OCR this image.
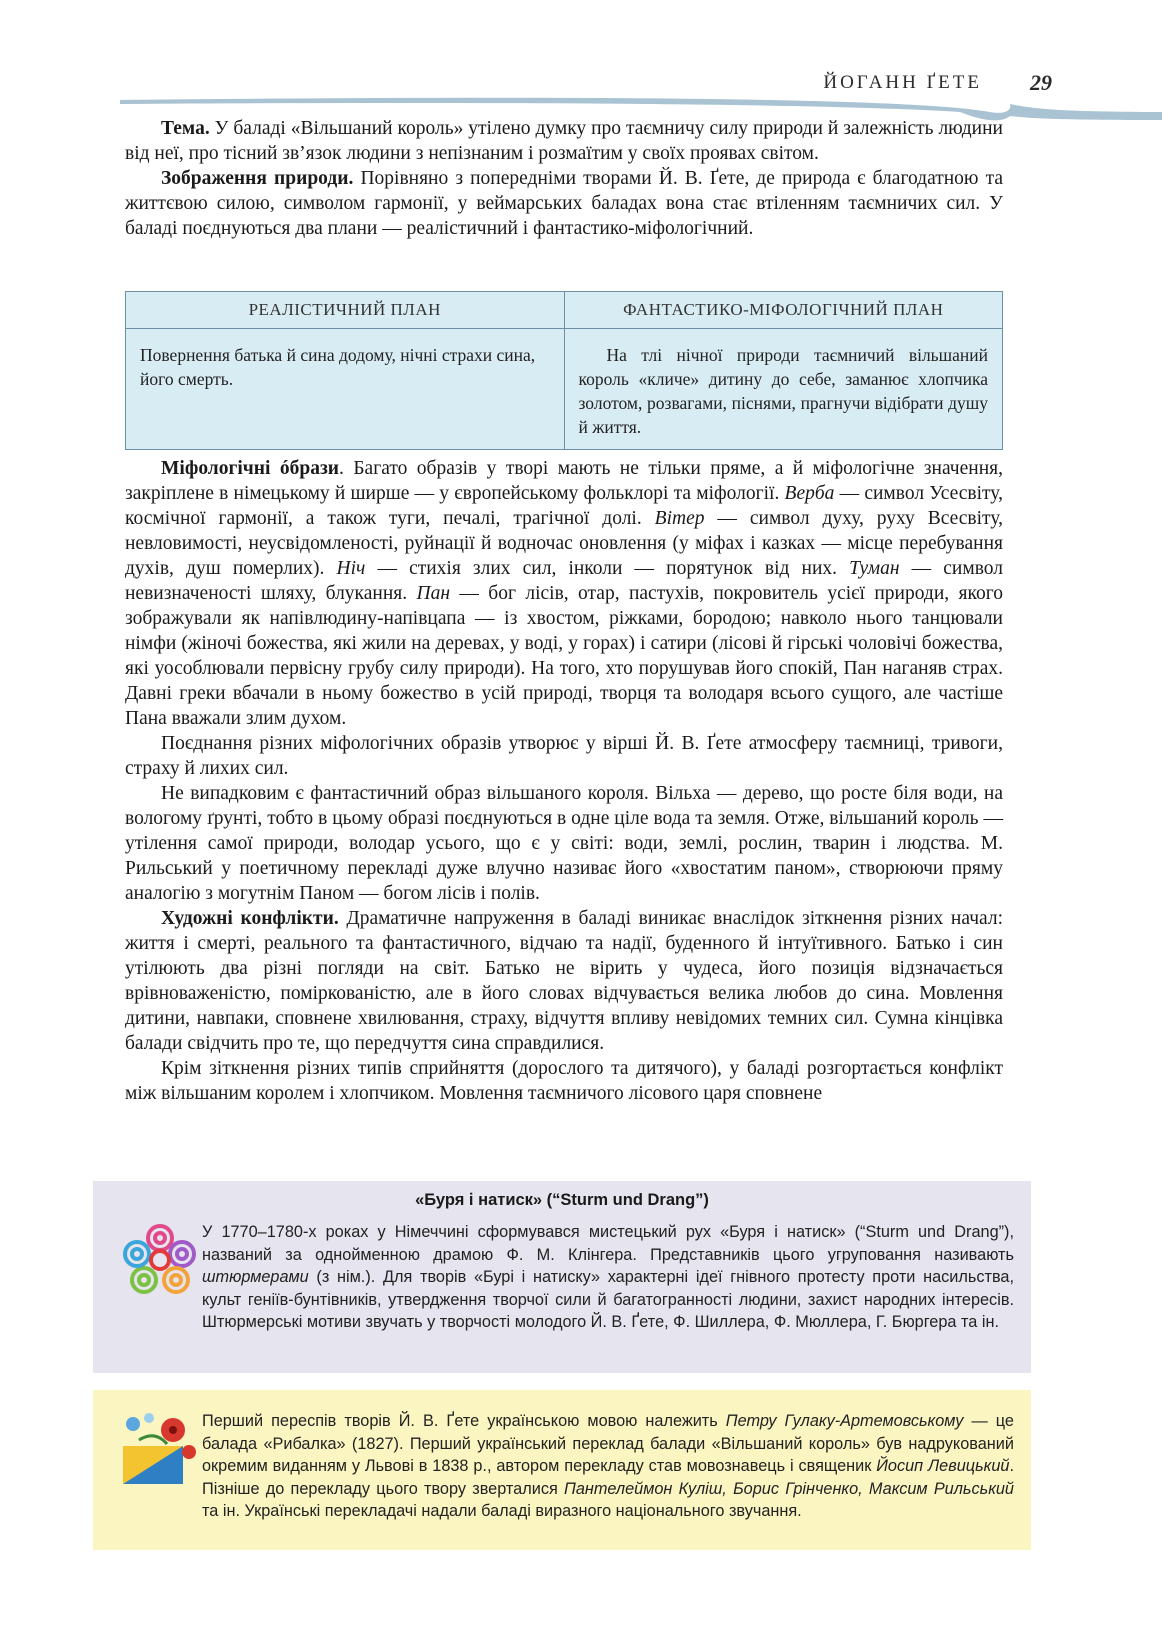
ЙОГАНН ҐЕТЕ 29

Тема. У баладі «Вільшаний король» утілено думку про таємничу силу природи й залежність людини від неї, про тісний зв’язок людини з непізнаним і розмаїтим у своїх проявах світом.

Зображення природи. Порівняно з попередніми творами Й. В. Ґете, де природа є благодатною та життєвою силою, символом гармонії, у веймарських баладах вона стає втіленням таємничих сил. У баладі поєднуються два плани — реалістичний і фантастико-міфологічний.

РЕАЛІСТИЧНИЙ ПЛАН	ФАНТАСТИКО-МІФОЛОГІЧНИЙ ПЛАН
Повернення батька й сина додому, нічні страхи сина, його смерть.	На тлі нічної природи таємничий вільшаний король «кличе» дитину до себе, заманює хлопчика золотом, розвагами, піснями, прагнучи відібрати душу й життя.

Міфологічні óбрази. Багато образів у творі мають не тільки пряме, а й міфологічне значення, закріплене в німецькому й ширше — у європейському фольклорі та міфології. Верба — символ Усесвіту, космічної гармонії, а також туги, печалі, трагічної долі. Вітер — символ духу, руху Всесвіту, невловимості, неусвідомленості, руйнації й водночас оновлення (у міфах і казках — місце перебування духів, душ померлих). Ніч — стихія злих сил, інколи — порятунок від них. Туман — символ невизначеності шляху, блукання. Пан — бог лісів, отар, пастухів, покровитель усієї природи, якого зображували як напівлюдину-напівцапа — із хвостом, ріжками, бородою; навколо нього танцювали німфи (жіночі божества, які жили на деревах, у воді, у горах) і сатири (лісові й гірські чоловічі божества, які уособлювали первісну грубу силу природи). На того, хто порушував його спокій, Пан наганяв страх. Давні греки вбачали в ньому божество в усій природі, творця та володаря всього сущого, але частіше Пана вважали злим духом.

Поєднання різних міфологічних образів утворює у вірші Й. В. Ґете атмосферу таємниці, тривоги, страху й лихих сил.

Не випадковим є фантастичний образ вільшаного короля. Вільха — дерево, що росте біля води, на вологому ґрунті, тобто в цьому образі поєднуються в одне ціле вода та земля. Отже, вільшаний король — утілення самої природи, володар усього, що є у світі: води, землі, рослин, тварин і людства. М. Рильський у поетичному перекладі дуже влучно називає його «хвостатим паном», створюючи пряму аналогію з могутнім Паном — богом лісів і полів.

Художні конфлікти. Драматичне напруження в баладі виникає внаслідок зіткнення різних начал: життя і смерті, реального та фантастичного, відчаю та надії, буденного й інтуїтивного. Батько і син утілюють два різні погляди на світ. Батько не вірить у чудеса, його позиція відзначається врівноваженістю, поміркованістю, але в його словах відчувається велика любов до сина. Мовлення дитини, навпаки, сповнене хвилювання, страху, відчуття впливу невідомих темних сил. Сумна кінцівка балади свідчить про те, що передчуття сина справдилися.

Крім зіткнення різних типів сприйняття (дорослого та дитячого), у баладі розгортається конфлікт між вільшаним королем і хлопчиком. Мовлення таємничого лісового царя сповнене

«Буря і натиск» (“Sturm und Drang”)
У 1770–1780-х роках у Німеччині сформувався мистецький рух «Буря і натиск» (“Sturm und Drang”), названий за однойменною драмою Ф. М. Клінгера. Представників цього угруповання називають штюрмерами (з нім.). Для творів «Бурі і натиску» характерні ідеї гнівного протесту проти насильства, культ геніїв-бунтівників, утвердження творчої сили й багатогранності людини, захист народних інтересів. Штюрмерські мотиви звучать у творчості молодого Й. В. Ґете, Ф. Шиллера, Ф. Мюллера, Г. Бюргера та ін.
Перший переспів творів Й. В. Ґете українською мовою належить Петру Гулаку-Артемовському — це балада «Рибалка» (1827). Перший український переклад балади «Вільшаний король» був надрукований окремим виданням у Львові в 1838 р., автором перекладу став мовознавець і священик Йосип Левицький. Пізніше до перекладу цього твору зверталися Пантелеймон Куліш, Борис Грінченко, Максим Рильський та ін. Українські перекладачі надали баладі виразного національного звучання.
